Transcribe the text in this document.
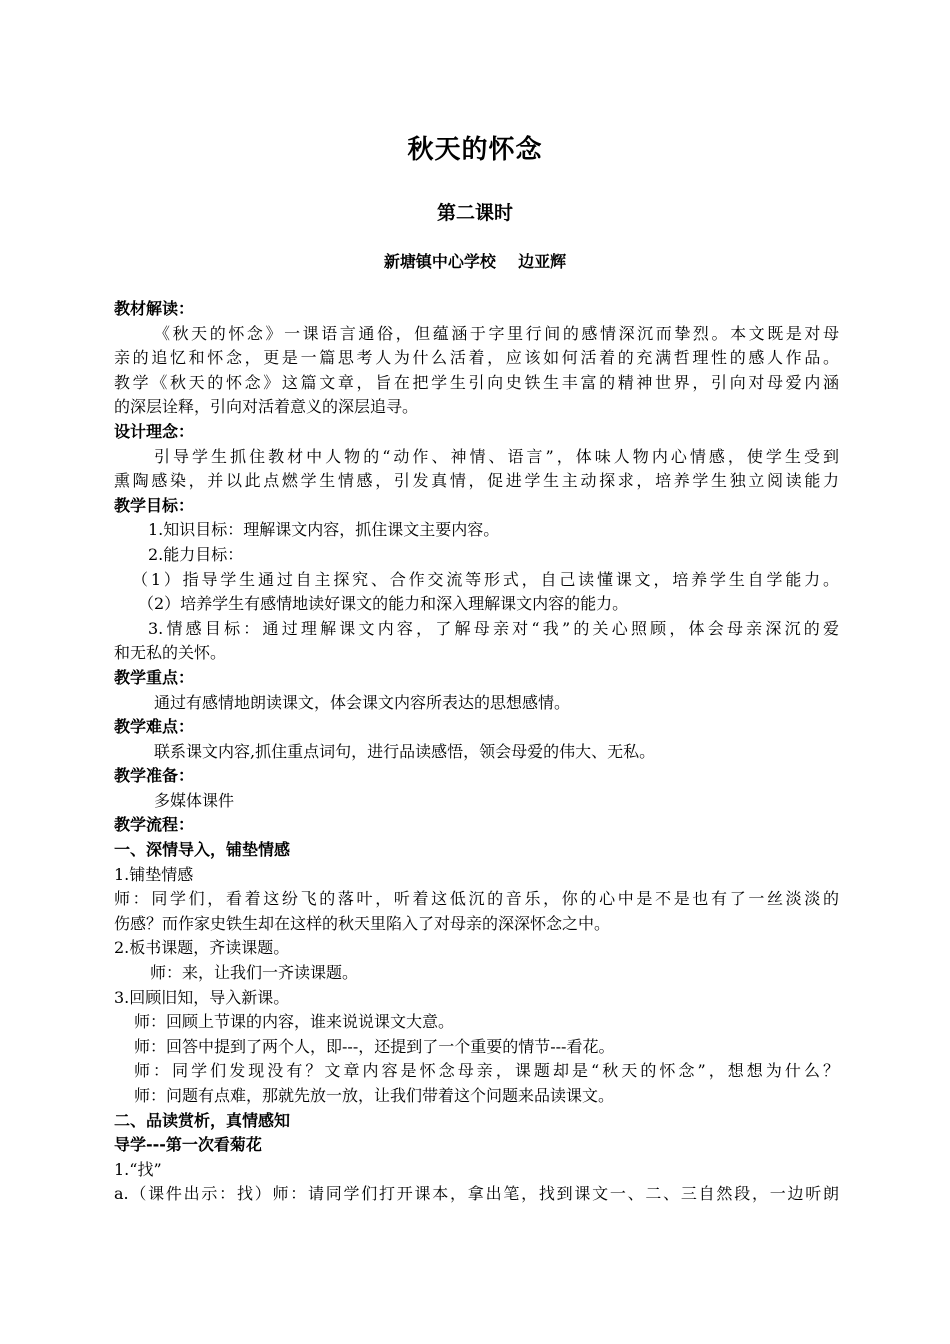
秋天的怀念
第二课时
新塘镇中心学校    边亚辉

教材解读：

《秋天的怀念》一课语言通俗，但蕴涵于字里行间的感情深沉而挚烈。本文既是对母

亲的追忆和怀念，更是一篇思考人为什么活着，应该如何活着的充满哲理性的感人作品。

教学《秋天的怀念》这篇文章，旨在把学生引向史铁生丰富的精神世界，引向对母爱内涵

的深层诠释，引向对活着意义的深层追寻。

设计理念：

引导学生抓住教材中人物的“动作、神情、语言”，体味人物内心情感，使学生受到

熏陶感染，并以此点燃学生情感，引发真情，促进学生主动探求，培养学生独立阅读能力

教学目标：

1.知识目标：理解课文内容，抓住课文主要内容。

2.能力目标：

（1）指导学生通过自主探究、合作交流等形式，自己读懂课文，培养学生自学能力。

（2）培养学生有感情地读好课文的能力和深入理解课文内容的能力。

3.情感目标：通过理解课文内容，了解母亲对“我”的关心照顾，体会母亲深沉的爱

和无私的关怀。

教学重点：

通过有感情地朗读课文，体会课文内容所表达的思想感情。

教学难点：

联系课文内容,抓住重点词句，进行品读感悟，领会母爱的伟大、无私。

教学准备：

多媒体课件

教学流程：

一、深情导入，铺垫情感

1.铺垫情感

师：同学们，看着这纷飞的落叶，听着这低沉的音乐，你的心中是不是也有了一丝淡淡的

伤感？而作家史铁生却在这样的秋天里陷入了对母亲的深深怀念之中。

2.板书课题，齐读课题。

师：来，让我们一齐读课题。

3.回顾旧知，导入新课。

师：回顾上节课的内容，谁来说说课文大意。

师：回答中提到了两个人，即---，还提到了一个重要的情节---看花。

师：同学们发现没有？文章内容是怀念母亲，课题却是“秋天的怀念”，想想为什么？

师：问题有点难，那就先放一放，让我们带着这个问题来品读课文。

二、品读赏析，真情感知

导学---第一次看菊花

1.“找”

a.（课件出示：找）师：请同学们打开课本，拿出笔，找到课文一、二、三自然段，一边听朗
